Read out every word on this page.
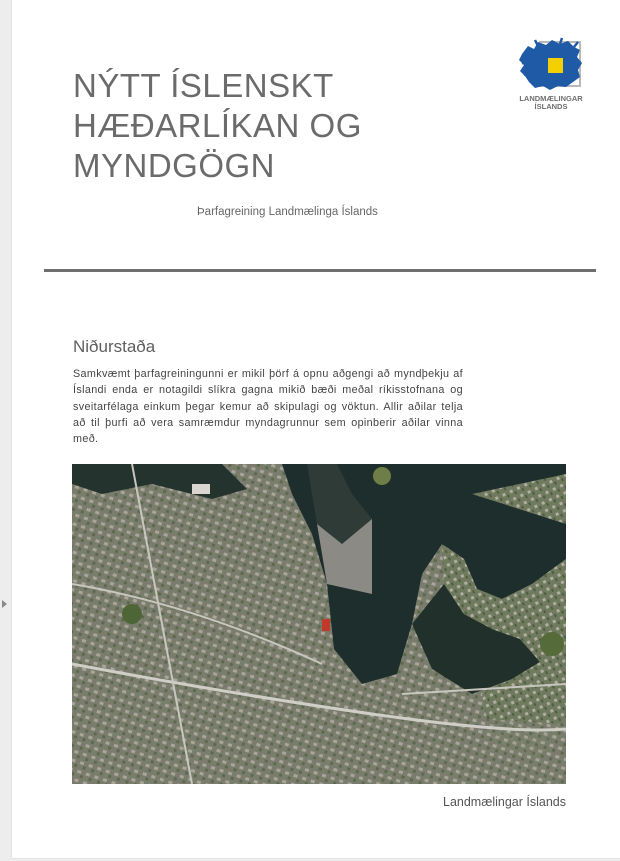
NÝTT ÍSLENSKT
HÆÐARLÍKAN OG
MYNDGÖGN
Þarfagreining Landmælinga Íslands
LANDMÆLINGAR
ÍSLANDS
Niðurstaða

Samkvæmt þarfagreiningunni er mikil þörf á opnu aðgengi að myndþekju af Íslandi enda er notagildi slíkra gagna mikið bæði meðal ríkisstofnana og sveitarfélaga einkum þegar kemur að skipulagi og vöktun. Allir aðilar telja að til þurfi að vera samræmdur myndagrunnur sem opinberir aðilar vinna með.

Landmælingar Íslands
